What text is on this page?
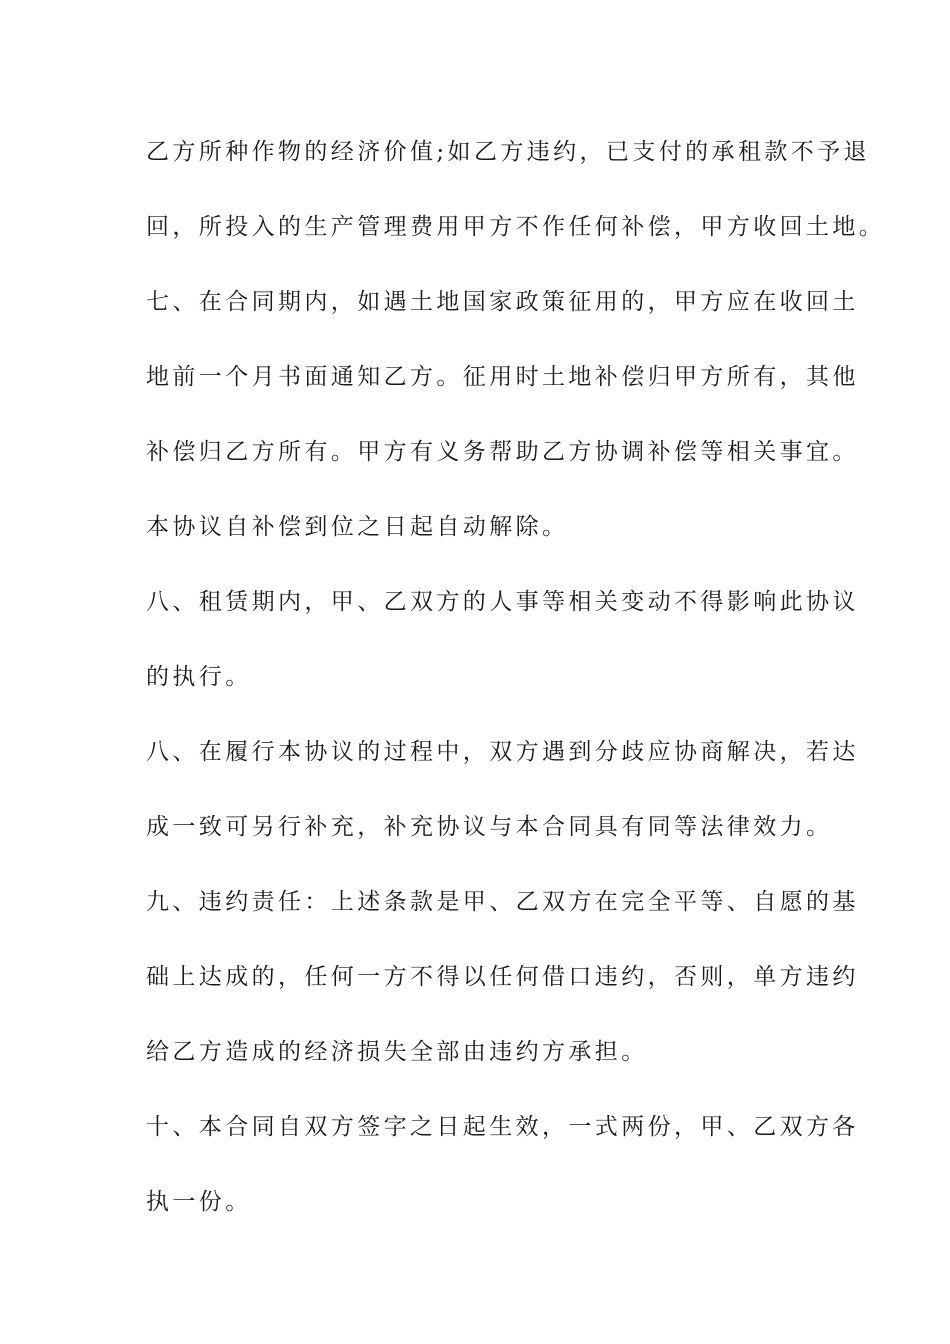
乙方所种作物的经济价值;如乙方违约，已支付的承租款不予退
回，所投入的生产管理费用甲方不作任何补偿，甲方收回土地。
七、在合同期内，如遇土地国家政策征用的，甲方应在收回土
地前一个月书面通知乙方。征用时土地补偿归甲方所有，其他
补偿归乙方所有。甲方有义务帮助乙方协调补偿等相关事宜。
本协议自补偿到位之日起自动解除。
八、租赁期内，甲、乙双方的人事等相关变动不得影响此协议
的执行。
八、在履行本协议的过程中，双方遇到分歧应协商解决，若达
成一致可另行补充，补充协议与本合同具有同等法律效力。
九、违约责任：上述条款是甲、乙双方在完全平等、自愿的基
础上达成的，任何一方不得以任何借口违约，否则，单方违约
给乙方造成的经济损失全部由违约方承担。
十、本合同自双方签字之日起生效，一式两份，甲、乙双方各
执一份。
